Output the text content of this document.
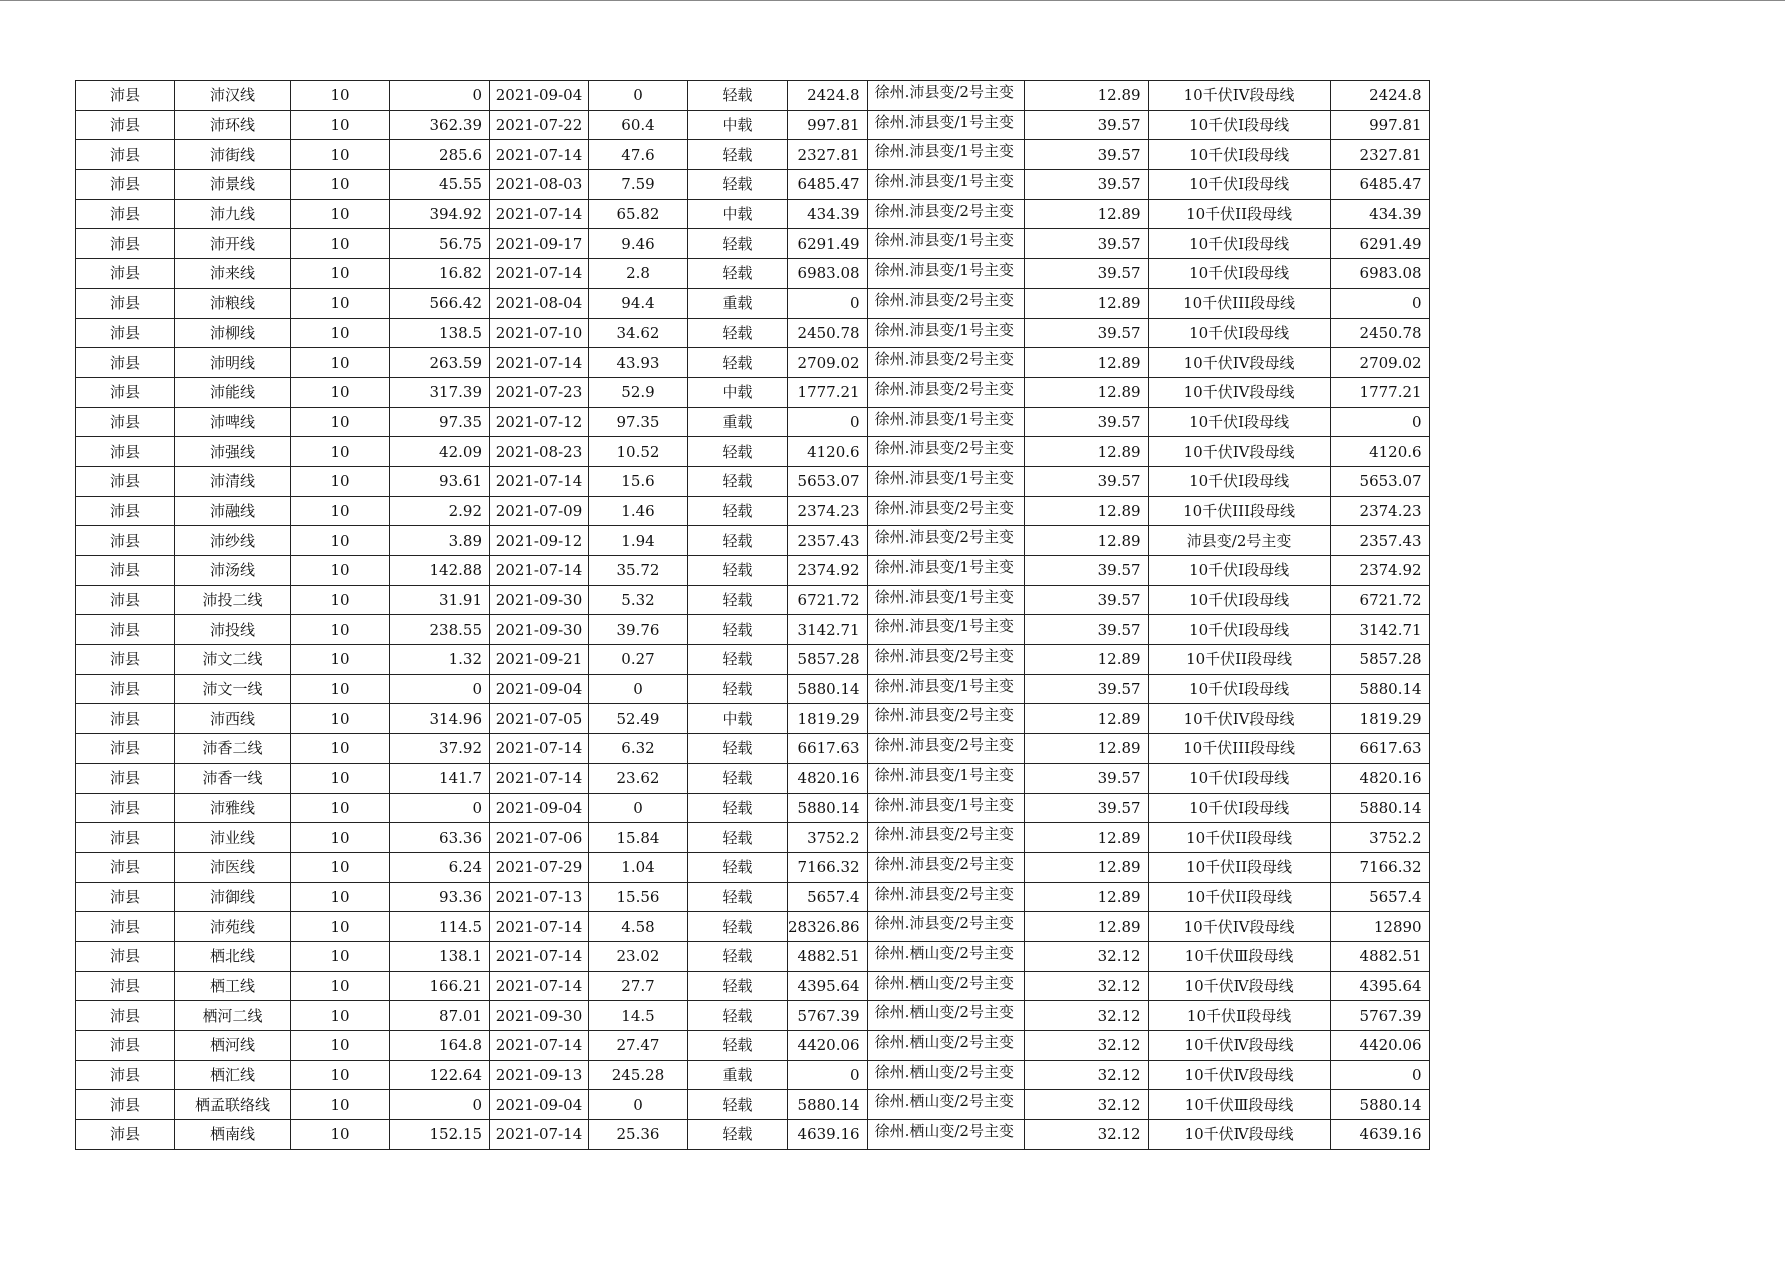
沛县	沛汉线	10	0	2021-09-04	0	轻载	2424.8	徐州.沛县变/2号主变	12.89	10千伏IV段母线	2424.8
沛县	沛环线	10	362.39	2021-07-22	60.4	中载	997.81	徐州.沛县变/1号主变	39.57	10千伏Ⅰ段母线	997.81
沛县	沛街线	10	285.6	2021-07-14	47.6	轻载	2327.81	徐州.沛县变/1号主变	39.57	10千伏Ⅰ段母线	2327.81
沛县	沛景线	10	45.55	2021-08-03	7.59	轻载	6485.47	徐州.沛县变/1号主变	39.57	10千伏Ⅰ段母线	6485.47
沛县	沛九线	10	394.92	2021-07-14	65.82	中载	434.39	徐州.沛县变/2号主变	12.89	10千伏II段母线	434.39
沛县	沛开线	10	56.75	2021-09-17	9.46	轻载	6291.49	徐州.沛县变/1号主变	39.57	10千伏Ⅰ段母线	6291.49
沛县	沛来线	10	16.82	2021-07-14	2.8	轻载	6983.08	徐州.沛县变/1号主变	39.57	10千伏Ⅰ段母线	6983.08
沛县	沛粮线	10	566.42	2021-08-04	94.4	重载	0	徐州.沛县变/2号主变	12.89	10千伏III段母线	0
沛县	沛柳线	10	138.5	2021-07-10	34.62	轻载	2450.78	徐州.沛县变/1号主变	39.57	10千伏Ⅰ段母线	2450.78
沛县	沛明线	10	263.59	2021-07-14	43.93	轻载	2709.02	徐州.沛县变/2号主变	12.89	10千伏IV段母线	2709.02
沛县	沛能线	10	317.39	2021-07-23	52.9	中载	1777.21	徐州.沛县变/2号主变	12.89	10千伏IV段母线	1777.21
沛县	沛啤线	10	97.35	2021-07-12	97.35	重载	0	徐州.沛县变/1号主变	39.57	10千伏Ⅰ段母线	0
沛县	沛强线	10	42.09	2021-08-23	10.52	轻载	4120.6	徐州.沛县变/2号主变	12.89	10千伏IV段母线	4120.6
沛县	沛清线	10	93.61	2021-07-14	15.6	轻载	5653.07	徐州.沛县变/1号主变	39.57	10千伏Ⅰ段母线	5653.07
沛县	沛融线	10	2.92	2021-07-09	1.46	轻载	2374.23	徐州.沛县变/2号主变	12.89	10千伏III段母线	2374.23
沛县	沛纱线	10	3.89	2021-09-12	1.94	轻载	2357.43	徐州.沛县变/2号主变	12.89	沛县变/2号主变	2357.43
沛县	沛汤线	10	142.88	2021-07-14	35.72	轻载	2374.92	徐州.沛县变/1号主变	39.57	10千伏Ⅰ段母线	2374.92
沛县	沛投二线	10	31.91	2021-09-30	5.32	轻载	6721.72	徐州.沛县变/1号主变	39.57	10千伏Ⅰ段母线	6721.72
沛县	沛投线	10	238.55	2021-09-30	39.76	轻载	3142.71	徐州.沛县变/1号主变	39.57	10千伏Ⅰ段母线	3142.71
沛县	沛文二线	10	1.32	2021-09-21	0.27	轻载	5857.28	徐州.沛县变/2号主变	12.89	10千伏II段母线	5857.28
沛县	沛文一线	10	0	2021-09-04	0	轻载	5880.14	徐州.沛县变/1号主变	39.57	10千伏Ⅰ段母线	5880.14
沛县	沛西线	10	314.96	2021-07-05	52.49	中载	1819.29	徐州.沛县变/2号主变	12.89	10千伏IV段母线	1819.29
沛县	沛香二线	10	37.92	2021-07-14	6.32	轻载	6617.63	徐州.沛县变/2号主变	12.89	10千伏III段母线	6617.63
沛县	沛香一线	10	141.7	2021-07-14	23.62	轻载	4820.16	徐州.沛县变/1号主变	39.57	10千伏Ⅰ段母线	4820.16
沛县	沛雅线	10	0	2021-09-04	0	轻载	5880.14	徐州.沛县变/1号主变	39.57	10千伏Ⅰ段母线	5880.14
沛县	沛业线	10	63.36	2021-07-06	15.84	轻载	3752.2	徐州.沛县变/2号主变	12.89	10千伏II段母线	3752.2
沛县	沛医线	10	6.24	2021-07-29	1.04	轻载	7166.32	徐州.沛县变/2号主变	12.89	10千伏II段母线	7166.32
沛县	沛御线	10	93.36	2021-07-13	15.56	轻载	5657.4	徐州.沛县变/2号主变	12.89	10千伏II段母线	5657.4
沛县	沛苑线	10	114.5	2021-07-14	4.58	轻载	28326.86	徐州.沛县变/2号主变	12.89	10千伏IV段母线	12890
沛县	栖北线	10	138.1	2021-07-14	23.02	轻载	4882.51	徐州.栖山变/2号主变	32.12	10千伏Ⅲ段母线	4882.51
沛县	栖工线	10	166.21	2021-07-14	27.7	轻载	4395.64	徐州.栖山变/2号主变	32.12	10千伏Ⅳ段母线	4395.64
沛县	栖河二线	10	87.01	2021-09-30	14.5	轻载	5767.39	徐州.栖山变/2号主变	32.12	10千伏Ⅱ段母线	5767.39
沛县	栖河线	10	164.8	2021-07-14	27.47	轻载	4420.06	徐州.栖山变/2号主变	32.12	10千伏Ⅳ段母线	4420.06
沛县	栖汇线	10	122.64	2021-09-13	245.28	重载	0	徐州.栖山变/2号主变	32.12	10千伏Ⅳ段母线	0
沛县	栖孟联络线	10	0	2021-09-04	0	轻载	5880.14	徐州.栖山变/2号主变	32.12	10千伏Ⅲ段母线	5880.14
沛县	栖南线	10	152.15	2021-07-14	25.36	轻载	4639.16	徐州.栖山变/2号主变	32.12	10千伏Ⅳ段母线	4639.16
